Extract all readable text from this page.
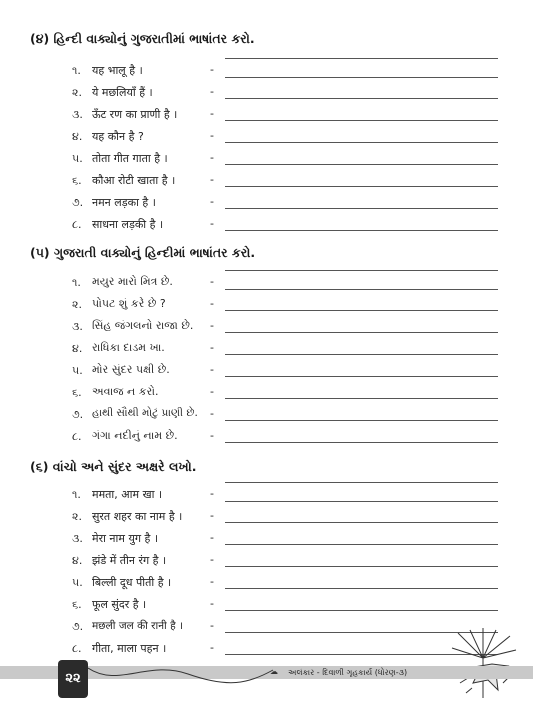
(૪) હિન્દી વાક્યોનું ગુજરાતીમાં ભાષાંતર કરો.
૧. यह भालू है ।	-
૨. ये मछलियाँ हैं ।	-
૩. ऊँट रण का प्राणी है ।	-
૪. यह कौन है ?	-
૫. तोता गीत गाता है ।	-
૬. कौआ रोटी खाता है ।	-
૭. नमन लड़का है ।	-
૮. साधना लड़की है ।	-
(૫) ગુજરાતી વાક્યોનું હિન્દીમાં ભાષાંતર કરો.
૧. મયુર મારો મિત્ર છે.	-
૨. પોપટ શું કરે છે ?	-
૩. સિંહ જંગલનો રાજા છે. -
૪. રાધિકા દાડમ ખા.	-
૫. મોર સુંદર પક્ષી છે.	-
૬. અવાજ ન કરો.	-
૭. હાથી સૌથી મોટું પ્રાણી છે. -
૮. ગંગા નદીનું નામ છે.	-
(૬) વાંચો અને સુંદર અક્ષરે લખો.
૧. ममता, आम खा ।	-
૨. सुरत शहर का नाम है ।	-
૩. मेरा नाम युग है ।	-
૪. झंडे में तीन रंग है ।	-
૫. बिल्ली दूध पीती है ।	-
૬. फूल सुंदर है ।	-
૭. मछली जल की रानी है । -
૮. गीता, माला पहन ।	-
☁ અલંકાર - દિવાળી ગૃહકાર્ય (ધોરણ-૩)
૨૨
